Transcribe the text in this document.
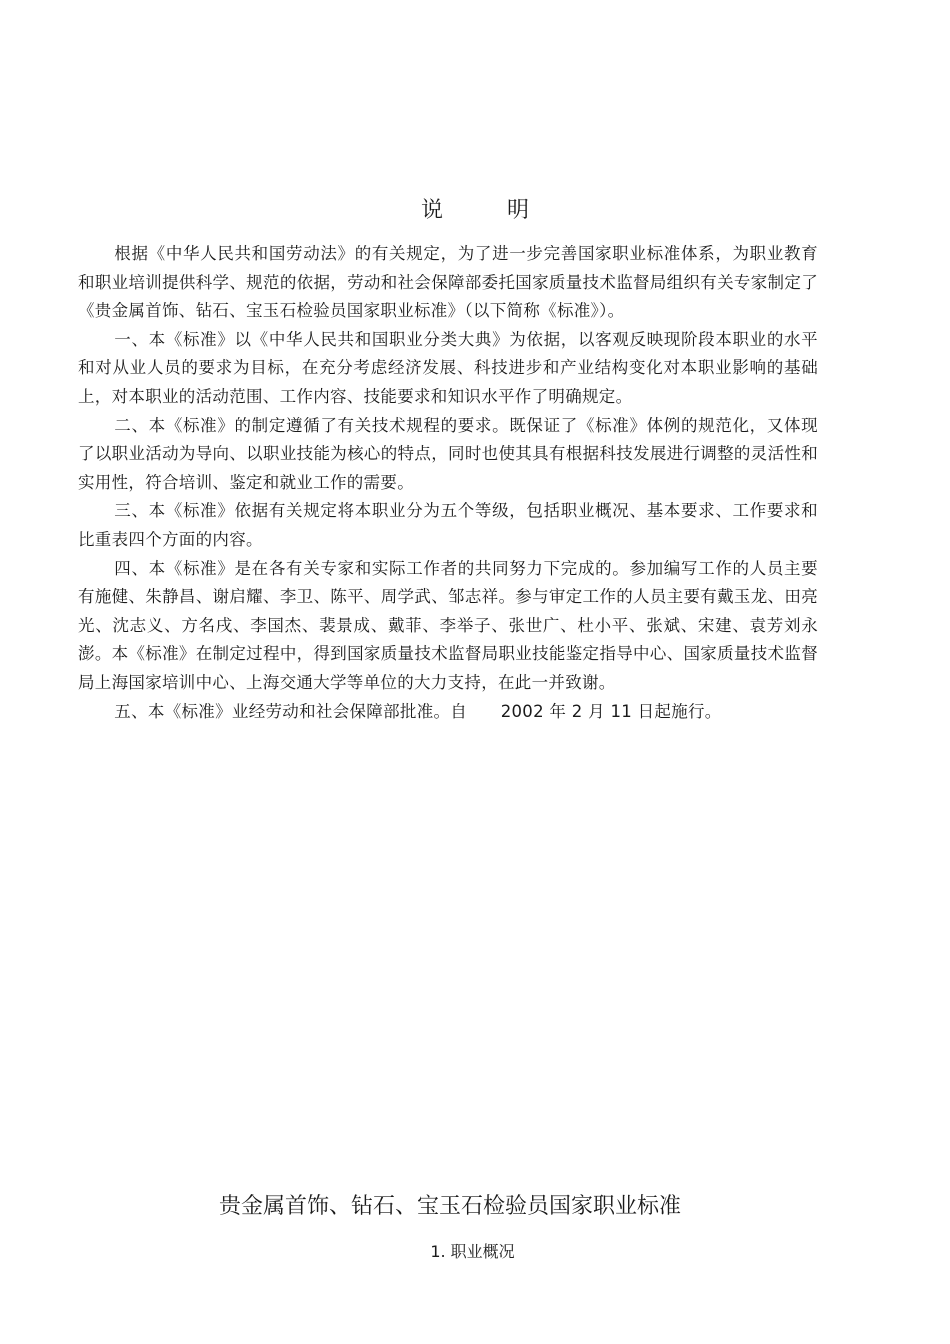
说明

根据《中华人民共和国劳动法》的有关规定，为了进一步完善国家职业标准体系，为职业教育和职业培训提供科学、规范的依据，劳动和社会保障部委托国家质量技术监督局组织有关专家制定了《贵金属首饰、钻石、宝玉石检验员国家职业标准》（以下简称《标准》）。

一、本《标准》以《中华人民共和国职业分类大典》为依据，以客观反映现阶段本职业的水平和对从业人员的要求为目标，在充分考虑经济发展、科技进步和产业结构变化对本职业影响的基础上，对本职业的活动范围、工作内容、技能要求和知识水平作了明确规定。

二、本《标准》的制定遵循了有关技术规程的要求。既保证了《标准》体例的规范化，又体现了以职业活动为导向、以职业技能为核心的特点，同时也使其具有根据科技发展进行调整的灵活性和实用性，符合培训、鉴定和就业工作的需要。

三、本《标准》依据有关规定将本职业分为五个等级，包括职业概况、基本要求、工作要求和比重表四个方面的内容。

四、本《标准》是在各有关专家和实际工作者的共同努力下完成的。参加编写工作的人员主要有施健、朱静昌、谢启耀、李卫、陈平、周学武、邹志祥。参与审定工作的人员主要有戴玉龙、田亮光、沈志义、方名戌、李国杰、裴景成、戴菲、李举子、张世广、杜小平、张斌、宋建、袁芳刘永澎。本《标准》在制定过程中，得到国家质量技术监督局职业技能鉴定指导中心、国家质量技术监督局上海国家培训中心、上海交通大学等单位的大力支持，在此一并致谢。

五、本《标准》业经劳动和社会保障部批准。自　　2002 年 2 月 11 日起施行。

贵金属首饰、钻石、宝玉石检验员国家职业标准
1. 职业概况
